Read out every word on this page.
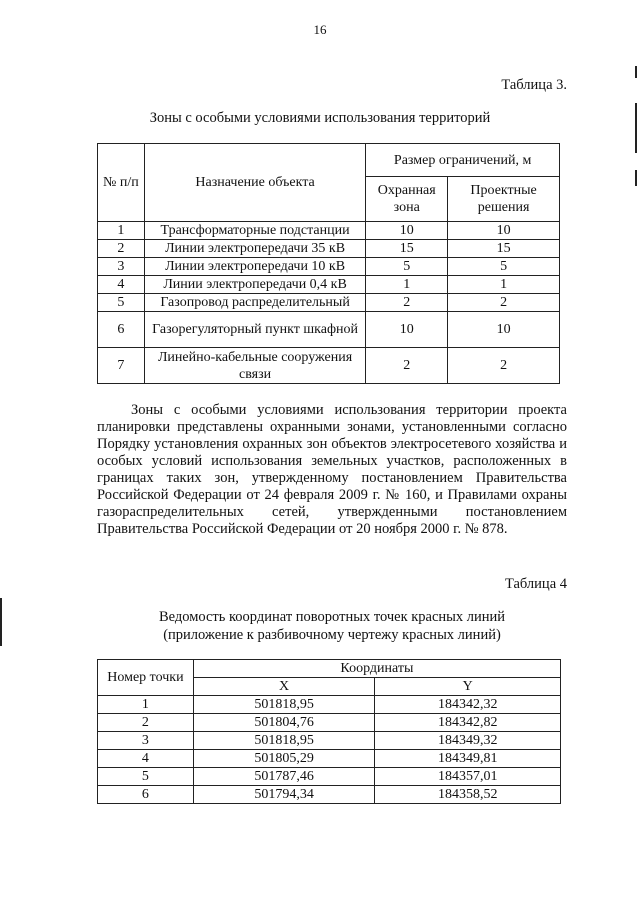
16
Таблица 3.
Зоны с особыми условиями использования территорий
№ п/п	Назначение объекта	Размер ограничений, м	
		Охранная зона	Проектные решения
1	Трансформаторные подстанции	10	10
2	Линии электропередачи 35 кВ	15	15
3	Линии электропередачи 10 кВ	5	5
4	Линии электропередачи 0,4 кВ	1	1
5	Газопровод распределительный	2	2
6	Газорегуляторный пункт шкафной	10	10
7	Линейно-кабельные сооружения связи	2	2

Зоны с особыми условиями использования территории проекта планировки представлены охранными зонами, установленными согласно Порядку установления охранных зон объектов электросетевого хозяйства и особых условий использования земельных участков, расположенных в границах таких зон, утвержденному постановлением Правительства Российской Федерации от 24 февраля 2009 г. № 160, и Правилами охраны газораспределительных сетей, утвержденными постановлением Правительства Российской Федерации от 20 ноября 2000 г. № 878.

Таблица 4
Ведомость координат поворотных точек красных линий
(приложение к разбивочному чертежу красных линий)
Номер точки	Координаты	
	X	Y
1	501818,95	184342,32
2	501804,76	184342,82
3	501818,95	184349,32
4	501805,29	184349,81
5	501787,46	184357,01
6	501794,34	184358,52
